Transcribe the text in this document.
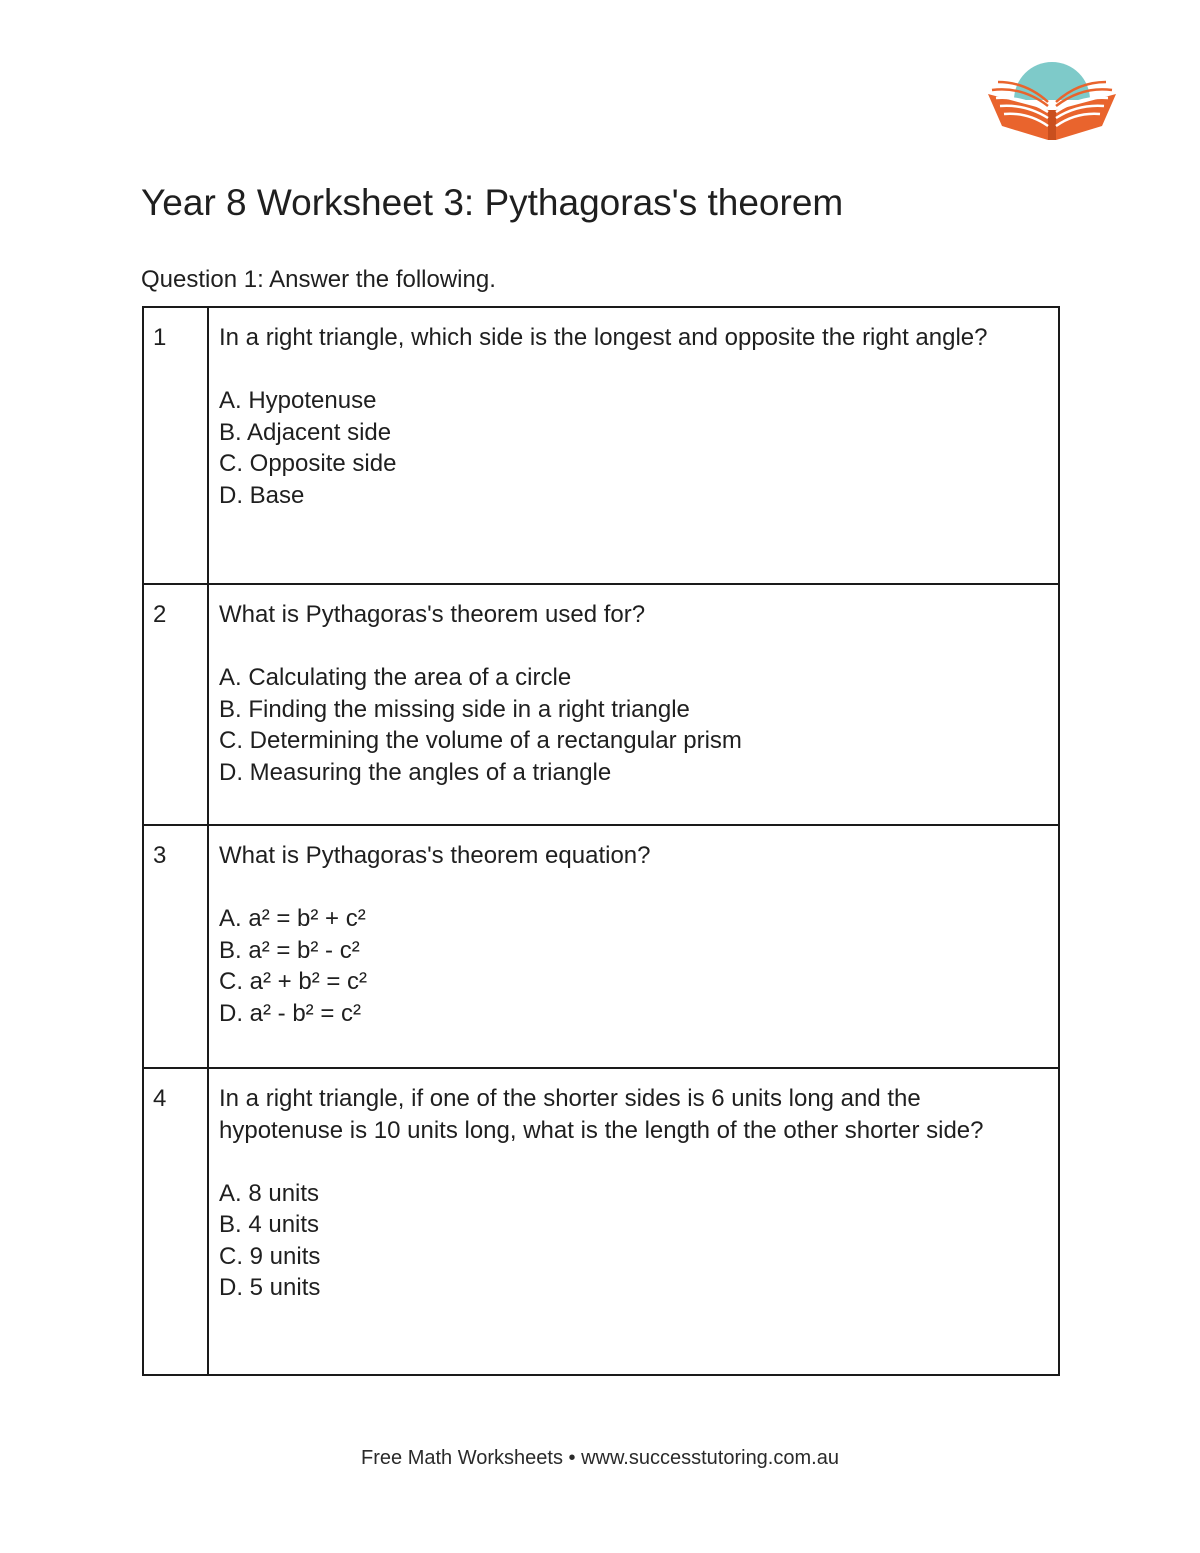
Year 8 Worksheet 3: Pythagoras's theorem

Question 1: Answer the following.

1	In a right triangle, which side is the longest and opposite the right angle?

A. Hypotenuse

B. Adjacent side

C. Opposite side

D. Base

2	What is Pythagoras's theorem used for?

A. Calculating the area of a circle

B. Finding the missing side in a right triangle

C. Determining the volume of a rectangular prism

D. Measuring the angles of a triangle

3	What is Pythagoras's theorem equation?

A. a² = b² + c²

B. a² = b² - c²

C. a² + b² = c²

D. a² - b² = c²

4	In a right triangle, if one of the shorter sides is 6 units long and the hypotenuse is 10 units long, what is the length of the other shorter side?

A. 8 units

B. 4 units

C. 9 units

D. 5 units

Free Math Worksheets • www.successtutoring.com.au
